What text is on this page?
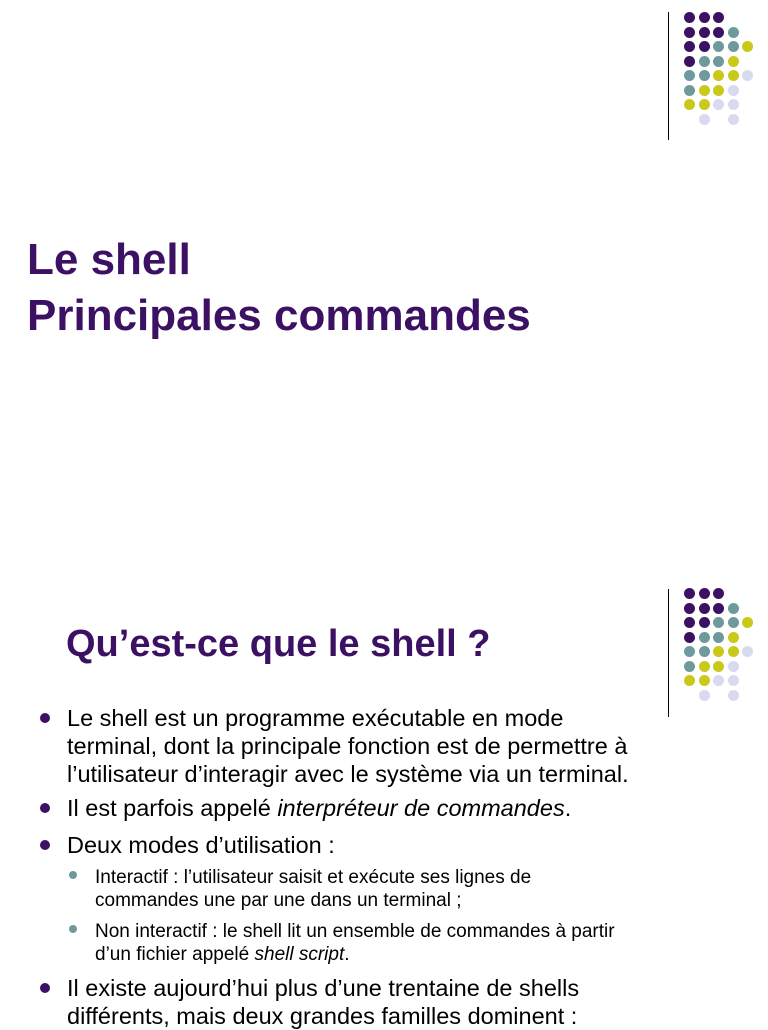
Le shell
Principales commandes
Qu’est-ce que le shell ?
Le shell est un programme exécutable en mode
terminal, dont la principale fonction est de permettre à
l’utilisateur d’interagir avec le système via un terminal.
Il est parfois appelé interpréteur de commandes.
Deux modes d’utilisation :
Interactif : l’utilisateur saisit et exécute ses lignes de
commandes une par une dans un terminal ;
Non interactif : le shell lit un ensemble de commandes à partir
d’un fichier appelé shell script.
Il existe aujourd’hui plus d’une trentaine de shells
différents, mais deux grandes familles dominent :
